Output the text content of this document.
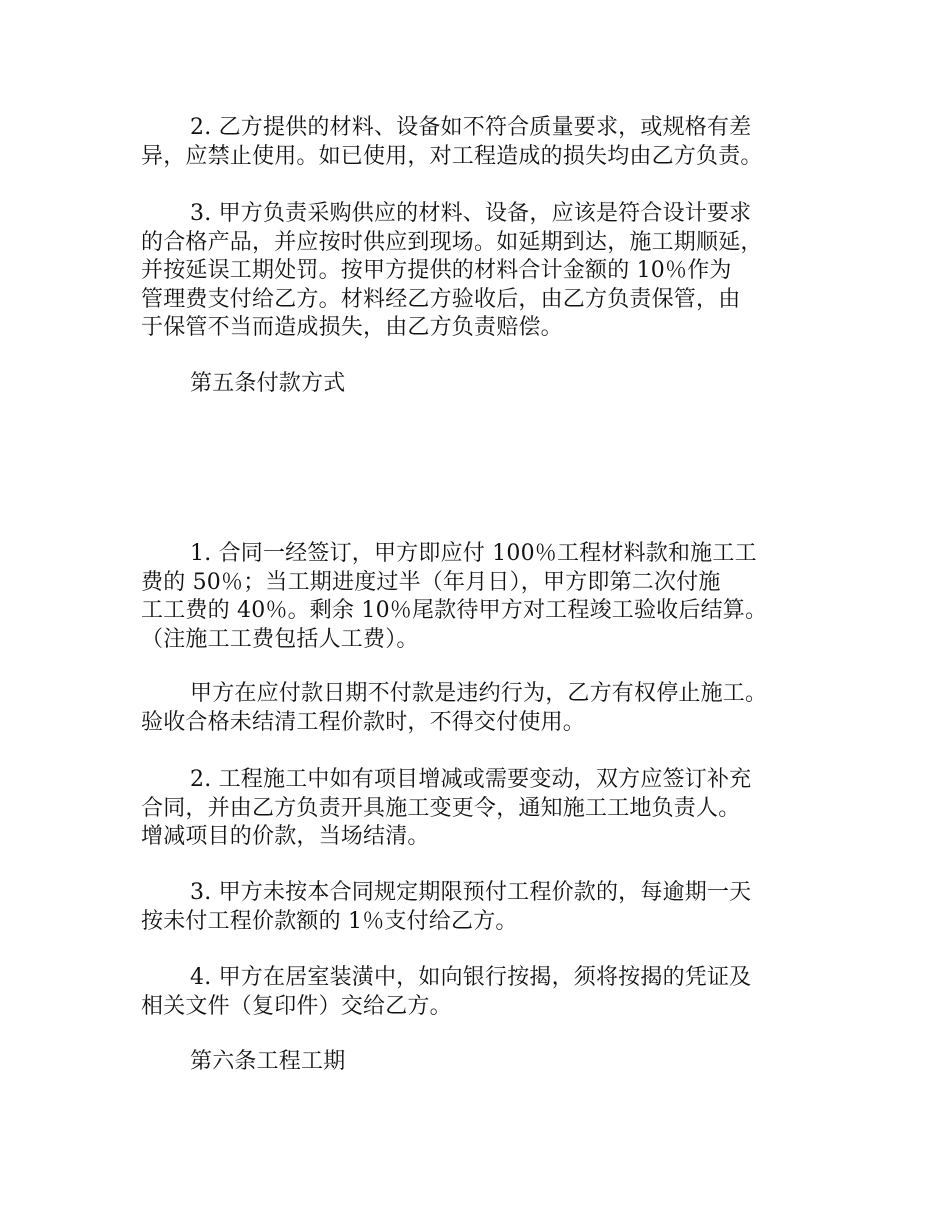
2. 乙方提供的材料、设备如不符合质量要求，或规格有差
异，应禁止使用。如已使用，对工程造成的损失均由乙方负责。

3. 甲方负责采购供应的材料、设备，应该是符合设计要求
的合格产品，并应按时供应到现场。如延期到达，施工期顺延，
并按延误工期处罚。按甲方提供的材料合计金额的 10％作为
管理费支付给乙方。材料经乙方验收后，由乙方负责保管，由
于保管不当而造成损失，由乙方负责赔偿。

第五条付款方式

1. 合同一经签订，甲方即应付 100％工程材料款和施工工
费的 50％；当工期进度过半（年月日），甲方即第二次付施
工工费的 40％。剩余 10％尾款待甲方对工程竣工验收后结算。
（注施工工费包括人工费）。

甲方在应付款日期不付款是违约行为，乙方有权停止施工。
验收合格未结清工程价款时，不得交付使用。

2. 工程施工中如有项目增减或需要变动，双方应签订补充
合同，并由乙方负责开具施工变更令，通知施工工地负责人。
增减项目的价款，当场结清。

3. 甲方未按本合同规定期限预付工程价款的，每逾期一天
按未付工程价款额的 1％支付给乙方。

4. 甲方在居室装潢中，如向银行按揭，须将按揭的凭证及
相关文件（复印件）交给乙方。

第六条工程工期
